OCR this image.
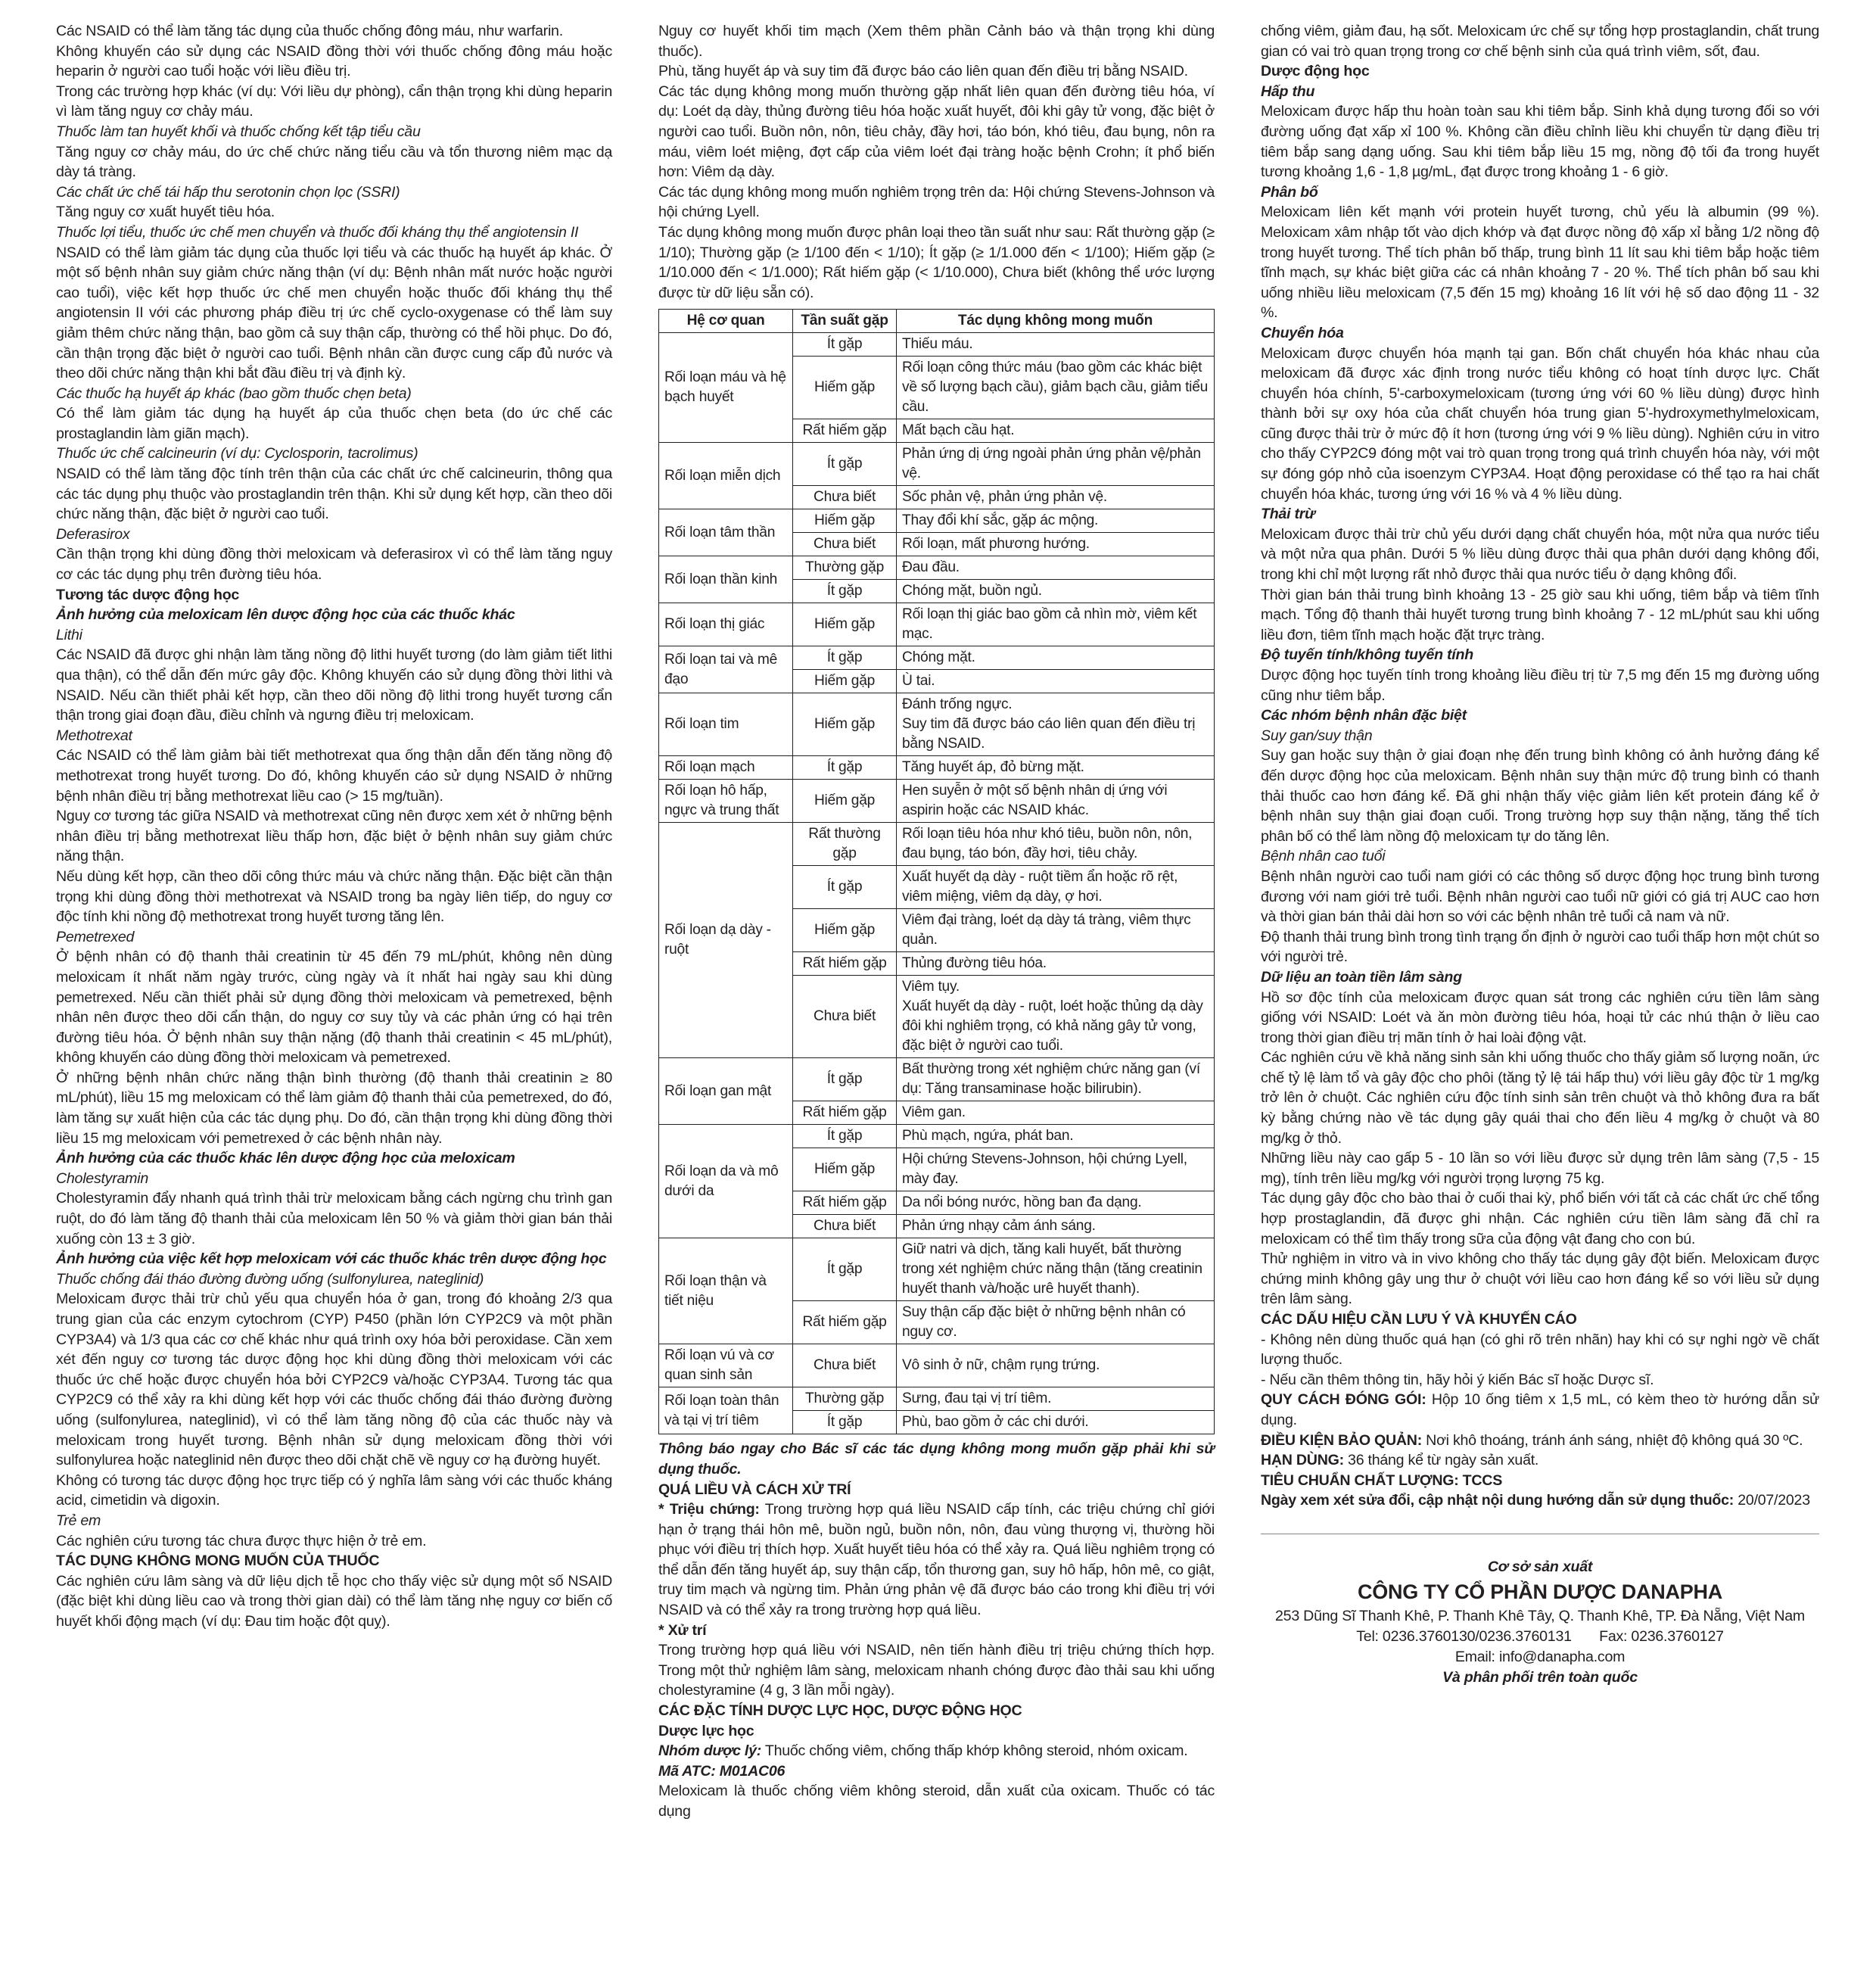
Các NSAID có thể làm tăng tác dụng của thuốc chống đông máu, như warfarin.

Không khuyến cáo sử dụng các NSAID đồng thời với thuốc chống đông máu hoặc heparin ở người cao tuổi hoặc với liều điều trị.

Trong các trường hợp khác (ví dụ: Với liều dự phòng), cẩn thận trọng khi dùng heparin vì làm tăng nguy cơ chảy máu.

Thuốc làm tan huyết khối và thuốc chống kết tập tiểu cầu

Tăng nguy cơ chảy máu, do ức chế chức năng tiểu cầu và tổn thương niêm mạc dạ dày tá tràng.

Các chất ức chế tái hấp thu serotonin chọn lọc (SSRI)

Tăng nguy cơ xuất huyết tiêu hóa.

Thuốc lợi tiểu, thuốc ức chế men chuyển và thuốc đối kháng thụ thể angiotensin II

NSAID có thể làm giảm tác dụng của thuốc lợi tiểu và các thuốc hạ huyết áp khác. Ở một số bệnh nhân suy giảm chức năng thận (ví dụ: Bệnh nhân mất nước hoặc người cao tuổi), việc kết hợp thuốc ức chế men chuyển hoặc thuốc đối kháng thụ thể angiotensin II với các phương pháp điều trị ức chế cyclo-oxygenase có thể làm suy giảm thêm chức năng thận, bao gồm cả suy thận cấp, thường có thể hồi phục. Do đó, cần thận trọng đặc biệt ở người cao tuổi. Bệnh nhân cần được cung cấp đủ nước và theo dõi chức năng thận khi bắt đầu điều trị và định kỳ.

Các thuốc hạ huyết áp khác (bao gồm thuốc chẹn beta)

Có thể làm giảm tác dụng hạ huyết áp của thuốc chẹn beta (do ức chế các prostaglandin làm giãn mạch).

Thuốc ức chế calcineurin (ví dụ: Cyclosporin, tacrolimus)

NSAID có thể làm tăng độc tính trên thận của các chất ức chế calcineurin, thông qua các tác dụng phụ thuộc vào prostaglandin trên thận. Khi sử dụng kết hợp, cần theo dõi chức năng thận, đặc biệt ở người cao tuổi.

Deferasirox

Cần thận trọng khi dùng đồng thời meloxicam và deferasirox vì có thể làm tăng nguy cơ các tác dụng phụ trên đường tiêu hóa.

Tương tác dược động học

Ảnh hưởng của meloxicam lên dược động học của các thuốc khác

Lithi

Các NSAID đã được ghi nhận làm tăng nồng độ lithi huyết tương (do làm giảm tiết lithi qua thận), có thể dẫn đến mức gây độc. Không khuyến cáo sử dụng đồng thời lithi và NSAID. Nếu cần thiết phải kết hợp, cần theo dõi nồng độ lithi trong huyết tương cẩn thận trong giai đoạn đầu, điều chỉnh và ngưng điều trị meloxicam.

Methotrexat

Các NSAID có thể làm giảm bài tiết methotrexat qua ống thận dẫn đến tăng nồng độ methotrexat trong huyết tương. Do đó, không khuyến cáo sử dụng NSAID ở những bệnh nhân điều trị bằng methotrexat liều cao (> 15 mg/tuần).

Nguy cơ tương tác giữa NSAID và methotrexat cũng nên được xem xét ở những bệnh nhân điều trị bằng methotrexat liều thấp hơn, đặc biệt ở bệnh nhân suy giảm chức năng thận.

Nếu dùng kết hợp, cần theo dõi công thức máu và chức năng thận. Đặc biệt cần thận trọng khi dùng đồng thời methotrexat và NSAID trong ba ngày liên tiếp, do nguy cơ độc tính khi nồng độ methotrexat trong huyết tương tăng lên.

Pemetrexed

Ở bệnh nhân có độ thanh thải creatinin từ 45 đến 79 mL/phút, không nên dùng meloxicam ít nhất năm ngày trước, cùng ngày và ít nhất hai ngày sau khi dùng pemetrexed. Nếu cần thiết phải sử dụng đồng thời meloxicam và pemetrexed, bệnh nhân nên được theo dõi cẩn thận, do nguy cơ suy tủy và các phản ứng có hại trên đường tiêu hóa. Ở bệnh nhân suy thận nặng (độ thanh thải creatinin < 45 mL/phút), không khuyến cáo dùng đồng thời meloxicam và pemetrexed.

Ở những bệnh nhân chức năng thận bình thường (độ thanh thải creatinin ≥ 80 mL/phút), liều 15 mg meloxicam có thể làm giảm độ thanh thải của pemetrexed, do đó, làm tăng sự xuất hiện của các tác dụng phụ. Do đó, cần thận trọng khi dùng đồng thời liều 15 mg meloxicam với pemetrexed ở các bệnh nhân này.

Ảnh hưởng của các thuốc khác lên dược động học của meloxicam

Cholestyramin

Cholestyramin đẩy nhanh quá trình thải trừ meloxicam bằng cách ngừng chu trình gan ruột, do đó làm tăng độ thanh thải của meloxicam lên 50 % và giảm thời gian bán thải xuống còn 13 ± 3 giờ.

Ảnh hưởng của việc kết hợp meloxicam với các thuốc khác trên dược động học

Thuốc chống đái tháo đường đường uống (sulfonylurea, nateglinid)

Meloxicam được thải trừ chủ yếu qua chuyển hóa ở gan, trong đó khoảng 2/3 qua trung gian của các enzym cytochrom (CYP) P450 (phần lớn CYP2C9 và một phần CYP3A4) và 1/3 qua các cơ chế khác như quá trình oxy hóa bởi peroxidase. Cần xem xét đến nguy cơ tương tác dược động học khi dùng đồng thời meloxicam với các thuốc ức chế hoặc được chuyển hóa bởi CYP2C9 và/hoặc CYP3A4. Tương tác qua CYP2C9 có thể xảy ra khi dùng kết hợp với các thuốc chống đái tháo đường đường uống (sulfonylurea, nateglinid), vì có thể làm tăng nồng độ của các thuốc này và meloxicam trong huyết tương. Bệnh nhân sử dụng meloxicam đồng thời với sulfonylurea hoặc nateglinid nên được theo dõi chặt chẽ về nguy cơ hạ đường huyết.

Không có tương tác dược động học trực tiếp có ý nghĩa lâm sàng với các thuốc kháng acid, cimetidin và digoxin.

Trẻ em

Các nghiên cứu tương tác chưa được thực hiện ở trẻ em.

TÁC DỤNG KHÔNG MONG MUỐN CỦA THUỐC

Các nghiên cứu lâm sàng và dữ liệu dịch tễ học cho thấy việc sử dụng một số NSAID (đặc biệt khi dùng liều cao và trong thời gian dài) có thể làm tăng nhẹ nguy cơ biến cố huyết khối động mạch (ví dụ: Đau tim hoặc đột quỵ).

Nguy cơ huyết khối tim mạch (Xem thêm phần Cảnh báo và thận trọng khi dùng thuốc).

Phù, tăng huyết áp và suy tim đã được báo cáo liên quan đến điều trị bằng NSAID.

Các tác dụng không mong muốn thường gặp nhất liên quan đến đường tiêu hóa, ví dụ: Loét dạ dày, thủng đường tiêu hóa hoặc xuất huyết, đôi khi gây tử vong, đặc biệt ở người cao tuổi. Buồn nôn, nôn, tiêu chảy, đầy hơi, táo bón, khó tiêu, đau bụng, nôn ra máu, viêm loét miệng, đợt cấp của viêm loét đại tràng hoặc bệnh Crohn; ít phổ biến hơn: Viêm dạ dày.

Các tác dụng không mong muốn nghiêm trọng trên da: Hội chứng Stevens-Johnson và hội chứng Lyell.

Tác dụng không mong muốn được phân loại theo tần suất như sau: Rất thường gặp (≥ 1/10); Thường gặp (≥ 1/100 đến < 1/10); Ít gặp (≥ 1/1.000 đến < 1/100); Hiếm gặp (≥ 1/10.000 đến < 1/1.000); Rất hiếm gặp (< 1/10.000), Chưa biết (không thể ước lượng được từ dữ liệu sẵn có).

Hệ cơ quan	Tần suất gặp	Tác dụng không mong muốn
Rối loạn máu và hệ bạch huyết	Ít gặp	Thiếu máu.
	Hiếm gặp	Rối loạn công thức máu (bao gồm các khác biệt về số lượng bạch cầu), giảm bạch cầu, giảm tiểu cầu.
	Rất hiếm gặp	Mất bạch cầu hạt.
Rối loạn miễn dịch	Ít gặp	Phản ứng dị ứng ngoài phản ứng phản vệ/phản vệ.
	Chưa biết	Sốc phản vệ, phản ứng phản vệ.
Rối loạn tâm thần	Hiếm gặp	Thay đổi khí sắc, gặp ác mộng.
	Chưa biết	Rối loạn, mất phương hướng.
Rối loạn thần kinh	Thường gặp	Đau đầu.
	Ít gặp	Chóng mặt, buồn ngủ.
Rối loạn thị giác	Hiếm gặp	Rối loạn thị giác bao gồm cả nhìn mờ, viêm kết mạc.
Rối loạn tai và mê đạo	Ít gặp	Chóng mặt.
	Hiếm gặp	Ù tai.
Rối loạn tim	Hiếm gặp	Đánh trống ngực.
Suy tim đã được báo cáo liên quan đến điều trị bằng NSAID.
Rối loạn mạch	Ít gặp	Tăng huyết áp, đỏ bừng mặt.
Rối loạn hô hấp, ngực và trung thất	Hiếm gặp	Hen suyễn ở một số bệnh nhân dị ứng với aspirin hoặc các NSAID khác.
Rối loạn dạ dày - ruột	Rất thường gặp	Rối loạn tiêu hóa như khó tiêu, buồn nôn, nôn, đau bụng, táo bón, đầy hơi, tiêu chảy.
	Ít gặp	Xuất huyết dạ dày - ruột tiềm ẩn hoặc rõ rệt, viêm miệng, viêm dạ dày, ợ hơi.
	Hiếm gặp	Viêm đại tràng, loét dạ dày tá tràng, viêm thực quản.
	Rất hiếm gặp	Thủng đường tiêu hóa.
	Chưa biết	Viêm tụy.
Xuất huyết dạ dày - ruột, loét hoặc thủng dạ dày đôi khi nghiêm trọng, có khả năng gây tử vong, đặc biệt ở người cao tuổi.
Rối loạn gan mật	Ít gặp	Bất thường trong xét nghiệm chức năng gan (ví dụ: Tăng transaminase hoặc bilirubin).
	Rất hiếm gặp	Viêm gan.
Rối loạn da và mô dưới da	Ít gặp	Phù mạch, ngứa, phát ban.
	Hiếm gặp	Hội chứng Stevens-Johnson, hội chứng Lyell, mày đay.
	Rất hiếm gặp	Da nổi bóng nước, hồng ban đa dạng.
	Chưa biết	Phản ứng nhạy cảm ánh sáng.
Rối loạn thận và tiết niệu	Ít gặp	Giữ natri và dịch, tăng kali huyết, bất thường trong xét nghiệm chức năng thận (tăng creatinin huyết thanh và/hoặc urê huyết thanh).
	Rất hiếm gặp	Suy thận cấp đặc biệt ở những bệnh nhân có nguy cơ.
Rối loạn vú và cơ quan sinh sản	Chưa biết	Vô sinh ở nữ, chậm rụng trứng.
Rối loạn toàn thân và tại vị trí tiêm	Thường gặp	Sưng, đau tại vị trí tiêm.
	Ít gặp	Phù, bao gồm ở các chi dưới.

Thông báo ngay cho Bác sĩ các tác dụng không mong muốn gặp phải khi sử dụng thuốc.

QUÁ LIỀU VÀ CÁCH XỬ TRÍ

* Triệu chứng: Trong trường hợp quá liều NSAID cấp tính, các triệu chứng chỉ giới hạn ở trạng thái hôn mê, buồn ngủ, buồn nôn, nôn, đau vùng thượng vị, thường hồi phục với điều trị thích hợp. Xuất huyết tiêu hóa có thể xảy ra. Quá liều nghiêm trọng có thể dẫn đến tăng huyết áp, suy thận cấp, tổn thương gan, suy hô hấp, hôn mê, co giật, truy tim mạch và ngừng tim. Phản ứng phản vệ đã được báo cáo trong khi điều trị với NSAID và có thể xảy ra trong trường hợp quá liều.

* Xử trí

Trong trường hợp quá liều với NSAID, nên tiến hành điều trị triệu chứng thích hợp. Trong một thử nghiệm lâm sàng, meloxicam nhanh chóng được đào thải sau khi uống cholestyramine (4 g, 3 lần mỗi ngày).

CÁC ĐẶC TÍNH DƯỢC LỰC HỌC, DƯỢC ĐỘNG HỌC

Dược lực học

Nhóm dược lý: Thuốc chống viêm, chống thấp khớp không steroid, nhóm oxicam.

Mã ATC: M01AC06

Meloxicam là thuốc chống viêm không steroid, dẫn xuất của oxicam. Thuốc có tác dụng

chống viêm, giảm đau, hạ sốt. Meloxicam ức chế sự tổng hợp prostaglandin, chất trung gian có vai trò quan trọng trong cơ chế bệnh sinh của quá trình viêm, sốt, đau.

Dược động học

Hấp thu

Meloxicam được hấp thu hoàn toàn sau khi tiêm bắp. Sinh khả dụng tương đối so với đường uống đạt xấp xỉ 100 %. Không cần điều chỉnh liều khi chuyển từ dạng điều trị tiêm bắp sang dạng uống. Sau khi tiêm bắp liều 15 mg, nồng độ tối đa trong huyết tương khoảng 1,6 - 1,8 µg/mL, đạt được trong khoảng 1 - 6 giờ.

Phân bố

Meloxicam liên kết mạnh với protein huyết tương, chủ yếu là albumin (99 %). Meloxicam xâm nhập tốt vào dịch khớp và đạt được nồng độ xấp xỉ bằng 1/2 nồng độ trong huyết tương. Thể tích phân bố thấp, trung bình 11 lít sau khi tiêm bắp hoặc tiêm tĩnh mạch, sự khác biệt giữa các cá nhân khoảng 7 - 20 %. Thể tích phân bố sau khi uống nhiều liều meloxicam (7,5 đến 15 mg) khoảng 16 lít với hệ số dao động 11 - 32 %.

Chuyển hóa

Meloxicam được chuyển hóa mạnh tại gan. Bốn chất chuyển hóa khác nhau của meloxicam đã được xác định trong nước tiểu không có hoạt tính dược lực. Chất chuyển hóa chính, 5'-carboxymeloxicam (tương ứng với 60 % liều dùng) được hình thành bởi sự oxy hóa của chất chuyển hóa trung gian 5'-hydroxymethylmeloxicam, cũng được thải trừ ở mức độ ít hơn (tương ứng với 9 % liều dùng). Nghiên cứu in vitro cho thấy CYP2C9 đóng một vai trò quan trọng trong quá trình chuyển hóa này, với một sự đóng góp nhỏ của isoenzym CYP3A4. Hoạt động peroxidase có thể tạo ra hai chất chuyển hóa khác, tương ứng với 16 % và 4 % liều dùng.

Thải trừ

Meloxicam được thải trừ chủ yếu dưới dạng chất chuyển hóa, một nửa qua nước tiểu và một nửa qua phân. Dưới 5 % liều dùng được thải qua phân dưới dạng không đổi, trong khi chỉ một lượng rất nhỏ được thải qua nước tiểu ở dạng không đổi.

Thời gian bán thải trung bình khoảng 13 - 25 giờ sau khi uống, tiêm bắp và tiêm tĩnh mạch. Tổng độ thanh thải huyết tương trung bình khoảng 7 - 12 mL/phút sau khi uống liều đơn, tiêm tĩnh mạch hoặc đặt trực tràng.

Độ tuyến tính/không tuyến tính

Dược động học tuyến tính trong khoảng liều điều trị từ 7,5 mg đến 15 mg đường uống cũng như tiêm bắp.

Các nhóm bệnh nhân đặc biệt

Suy gan/suy thận

Suy gan hoặc suy thận ở giai đoạn nhẹ đến trung bình không có ảnh hưởng đáng kể đến dược động học của meloxicam. Bệnh nhân suy thận mức độ trung bình có thanh thải thuốc cao hơn đáng kể. Đã ghi nhận thấy việc giảm liên kết protein đáng kể ở bệnh nhân suy thận giai đoạn cuối. Trong trường hợp suy thận nặng, tăng thể tích phân bố có thể làm nồng độ meloxicam tự do tăng lên.

Bệnh nhân cao tuổi

Bệnh nhân người cao tuổi nam giới có các thông số dược động học trung bình tương đương với nam giới trẻ tuổi. Bệnh nhân người cao tuổi nữ giới có giá trị AUC cao hơn và thời gian bán thải dài hơn so với các bệnh nhân trẻ tuổi cả nam và nữ.

Độ thanh thải trung bình trong tình trạng ổn định ở người cao tuổi thấp hơn một chút so với người trẻ.

Dữ liệu an toàn tiền lâm sàng

Hồ sơ độc tính của meloxicam được quan sát trong các nghiên cứu tiền lâm sàng giống với NSAID: Loét và ăn mòn đường tiêu hóa, hoại tử các nhú thận ở liều cao trong thời gian điều trị mãn tính ở hai loài động vật.

Các nghiên cứu về khả năng sinh sản khi uống thuốc cho thấy giảm số lượng noãn, ức chế tỷ lệ làm tổ và gây độc cho phôi (tăng tỷ lệ tái hấp thu) với liều gây độc từ 1 mg/kg trở lên ở chuột. Các nghiên cứu độc tính sinh sản trên chuột và thỏ không đưa ra bất kỳ bằng chứng nào về tác dụng gây quái thai cho đến liều 4 mg/kg ở chuột và 80 mg/kg ở thỏ.

Những liều này cao gấp 5 - 10 lần so với liều được sử dụng trên lâm sàng (7,5 - 15 mg), tính trên liều mg/kg với người trọng lượng 75 kg.

Tác dụng gây độc cho bào thai ở cuối thai kỳ, phổ biến với tất cả các chất ức chế tổng hợp prostaglandin, đã được ghi nhận. Các nghiên cứu tiền lâm sàng đã chỉ ra meloxicam có thể tìm thấy trong sữa của động vật đang cho con bú.

Thử nghiệm in vitro và in vivo không cho thấy tác dụng gây đột biến. Meloxicam được chứng minh không gây ung thư ở chuột với liều cao hơn đáng kể so với liều sử dụng trên lâm sàng.

CÁC DẤU HIỆU CẦN LƯU Ý VÀ KHUYẾN CÁO

- Không nên dùng thuốc quá hạn (có ghi rõ trên nhãn) hay khi có sự nghi ngờ về chất lượng thuốc.

- Nếu cần thêm thông tin, hãy hỏi ý kiến Bác sĩ hoặc Dược sĩ.

QUY CÁCH ĐÓNG GÓI: Hộp 10 ống tiêm x 1,5 mL, có kèm theo tờ hướng dẫn sử dụng.

ĐIỀU KIỆN BẢO QUẢN: Nơi khô thoáng, tránh ánh sáng, nhiệt độ không quá 30 ºC.

HẠN DÙNG: 36 tháng kể từ ngày sản xuất.

TIÊU CHUẨN CHẤT LƯỢNG: TCCS

Ngày xem xét sửa đổi, cập nhật nội dung hướng dẫn sử dụng thuốc: 20/07/2023

Cơ sở sản xuất
CÔNG TY CỔ PHẦN DƯỢC DANAPHA
253 Dũng Sĩ Thanh Khê, P. Thanh Khê Tây, Q. Thanh Khê, TP. Đà Nẵng, Việt Nam
Tel: 0236.3760130/0236.3760131 Fax: 0236.3760127
Email: info@danapha.com
Và phân phối trên toàn quốc
